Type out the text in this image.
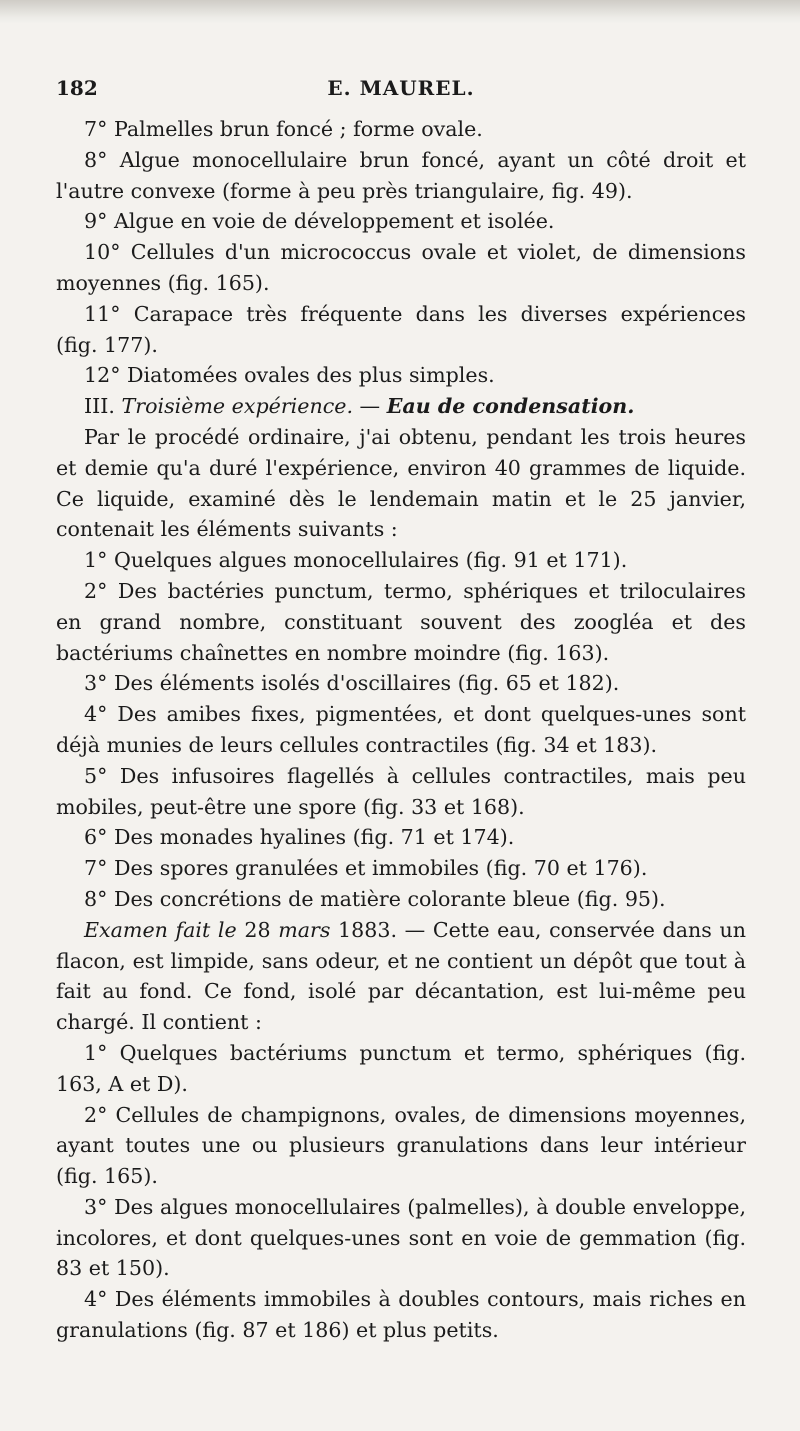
182	E. MAUREL.

7° Palmelles brun foncé ; forme ovale.

8° Algue monocellulaire brun foncé, ayant un côté droit et l'autre convexe (forme à peu près triangulaire, fig. 49).

9° Algue en voie de développement et isolée.

10° Cellules d'un micrococcus ovale et violet, de dimensions moyennes (fig. 165).

11° Carapace très fréquente dans les diverses expériences (fig. 177).

12° Diatomées ovales des plus simples.

III. Troisième expérience. — Eau de condensation.

Par le procédé ordinaire, j'ai obtenu, pendant les trois heures et demie qu'a duré l'expérience, environ 40 grammes de liquide. Ce liquide, examiné dès le lendemain matin et le 25 janvier, contenait les éléments suivants :

1° Quelques algues monocellulaires (fig. 91 et 171).

2° Des bactéries punctum, termo, sphériques et triloculaires en grand nombre, constituant souvent des zoogléa et des bactériums chaînettes en nombre moindre (fig. 163).

3° Des éléments isolés d'oscillaires (fig. 65 et 182).

4° Des amibes fixes, pigmentées, et dont quelques-unes sont déjà munies de leurs cellules contractiles (fig. 34 et 183).

5° Des infusoires flagellés à cellules contractiles, mais peu mobiles, peut-être une spore (fig. 33 et 168).

6° Des monades hyalines (fig. 71 et 174).

7° Des spores granulées et immobiles (fig. 70 et 176).

8° Des concrétions de matière colorante bleue (fig. 95).

Examen fait le 28 mars 1883. — Cette eau, conservée dans un flacon, est limpide, sans odeur, et ne contient un dépôt que tout à fait au fond. Ce fond, isolé par décantation, est lui-même peu chargé. Il contient :

1° Quelques bactériums punctum et termo, sphériques (fig. 163, A et D).

2° Cellules de champignons, ovales, de dimensions moyennes, ayant toutes une ou plusieurs granulations dans leur intérieur (fig. 165).

3° Des algues monocellulaires (palmelles), à double enveloppe, incolores, et dont quelques-unes sont en voie de gemmation (fig. 83 et 150).

4° Des éléments immobiles à doubles contours, mais riches en granulations (fig. 87 et 186) et plus petits.
